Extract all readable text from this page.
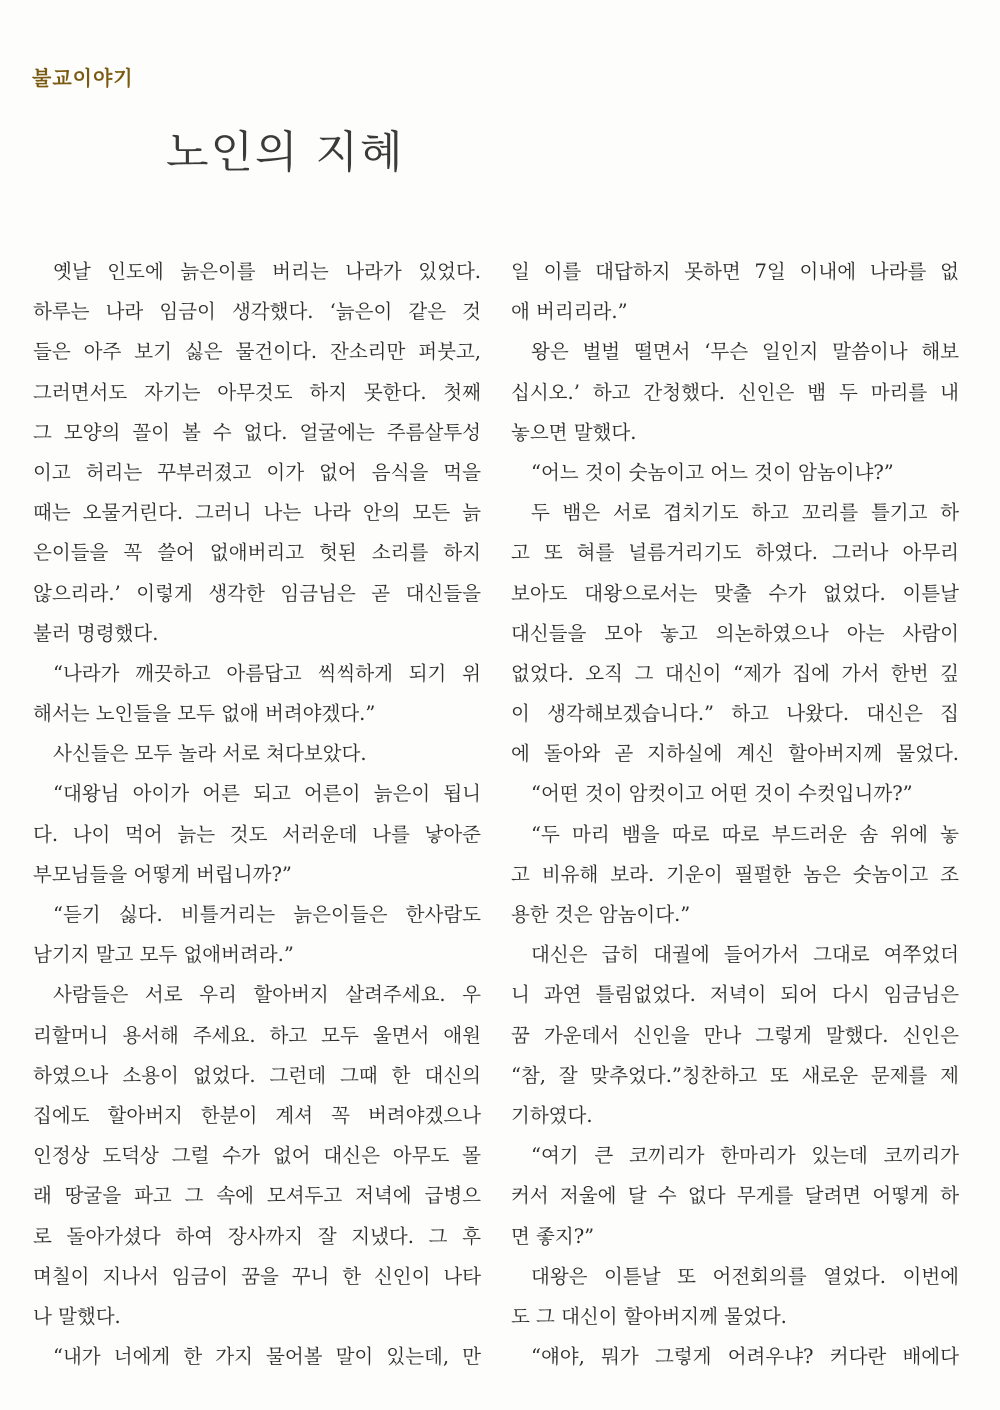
불교이야기
노인의 지혜
옛날 인도에 늙은이를 버리는 나라가 있었다.
하루는 나라 임금이 생각했다. ‘늙은이 같은 것
들은 아주 보기 싫은 물건이다. 잔소리만 퍼붓고,
그러면서도 자기는 아무것도 하지 못한다. 첫째
그 모양의 꼴이 볼 수 없다. 얼굴에는 주름살투성
이고 허리는 꾸부러졌고 이가 없어 음식을 먹을
때는 오물거린다. 그러니 나는 나라 안의 모든 늙
은이들을 꼭 쓸어 없애버리고 헛된 소리를 하지
않으리라.’ 이렇게 생각한 임금님은 곧 대신들을
불러 명령했다.
“나라가 깨끗하고 아름답고 씩씩하게 되기 위
해서는 노인들을 모두 없애 버려야겠다.”
사신들은 모두 놀라 서로 쳐다보았다.
“대왕님 아이가 어른 되고 어른이 늙은이 됩니
다. 나이 먹어 늙는 것도 서러운데 나를 낳아준
부모님들을 어떻게 버립니까?”
“듣기 싫다. 비틀거리는 늙은이들은 한사람도
남기지 말고 모두 없애버려라.”
사람들은 서로 우리 할아버지 살려주세요. 우
리할머니 용서해 주세요. 하고 모두 울면서 애원
하였으나 소용이 없었다. 그런데 그때 한 대신의
집에도 할아버지 한분이 계셔 꼭 버려야겠으나
인정상 도덕상 그럴 수가 없어 대신은 아무도 몰
래 땅굴을 파고 그 속에 모셔두고 저녁에 급병으
로 돌아가셨다 하여 장사까지 잘 지냈다. 그 후
며칠이 지나서 임금이 꿈을 꾸니 한 신인이 나타
나 말했다.
“내가 너에게 한 가지 물어볼 말이 있는데, 만
일 이를 대답하지 못하면 7일 이내에 나라를 없
애 버리리라.”
왕은 벌벌 떨면서 ‘무슨 일인지 말씀이나 해보
십시오.’ 하고 간청했다. 신인은 뱀 두 마리를 내
놓으면 말했다.
“어느 것이 숫놈이고 어느 것이 암놈이냐?”
두 뱀은 서로 겹치기도 하고 꼬리를 틀기고 하
고 또 혀를 널름거리기도 하였다. 그러나 아무리
보아도 대왕으로서는 맞출 수가 없었다. 이튿날
대신들을 모아 놓고 의논하였으나 아는 사람이
없었다. 오직 그 대신이 “제가 집에 가서 한번 깊
이 생각해보겠습니다.” 하고 나왔다. 대신은 집
에 돌아와 곧 지하실에 계신 할아버지께 물었다.
“어떤 것이 암컷이고 어떤 것이 수컷입니까?”
“두 마리 뱀을 따로 따로 부드러운 솜 위에 놓
고 비유해 보라. 기운이 필펄한 놈은 숫놈이고 조
용한 것은 암놈이다.”
대신은 급히 대궐에 들어가서 그대로 여쭈었더
니 과연 틀림없었다. 저녁이 되어 다시 임금님은
꿈 가운데서 신인을 만나 그렇게 말했다. 신인은
“참, 잘 맞추었다.”칭찬하고 또 새로운 문제를 제
기하였다.
“여기 큰 코끼리가 한마리가 있는데 코끼리가
커서 저울에 달 수 없다 무게를 달려면 어떻게 하
면 좋지?”
대왕은 이튿날 또 어전회의를 열었다. 이번에
도 그 대신이 할아버지께 물었다.
“얘야, 뭐가 그렇게 어려우냐? 커다란 배에다
